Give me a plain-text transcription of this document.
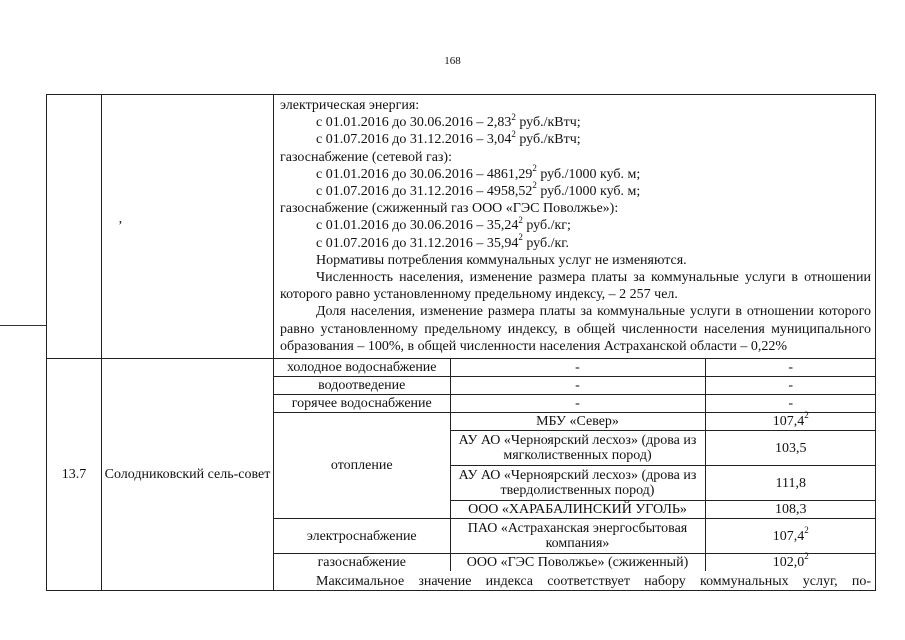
168

’

электрическая энергия:
с 01.01.2016 до 30.06.2016 – 2,83$^2$ руб./кВтч;
с 01.07.2016 до 31.12.2016 – 3,04$^2$ руб./кВтч;
газоснабжение (сетевой газ):
с 01.01.2016 до 30.06.2016 – 4861,29$^2$ руб./1000 куб. м;
с 01.07.2016 до 31.12.2016 – 4958,52$^2$ руб./1000 куб. м;
газоснабжение (сжиженный газ ООО «ГЭС Поволжье»):
с 01.01.2016 до 30.06.2016 – 35,24$^2$ руб./кг;
с 01.07.2016 до 31.12.2016 – 35,94$^2$ руб./кг.
Нормативы потребления коммунальных услуг не изменяются.
Численность населения, изменение размера платы за коммунальные услуги в отношении которого равно установленному предельному индексу, – 2 257 чел.
Доля населения, изменение размера платы за коммунальные услуги в отношении которого равно установленному предельному индексу, в общей численности населения муниципального образования – 100%, в общей численности населения Астраханской области – 0,22%

13.7	Солодниковский сель-совет	
холодное водоснабжение	-	-
водоотведение	-	-
горячее водоснабжение	-	-
отопление	МБУ «Север»	107,4$^2$
АУ АО «Черноярский лесхоз» (дрова из мягколиственных пород)	103,5
АУ АО «Черноярский лесхоз» (дрова из твердолиственных пород)	111,8
ООО «ХАРАБАЛИНСКИЙ УГОЛЬ»	108,3
электроснабжение	ПАО «Астраханская энергосбытовая компания»	107,4$^2$
газоснабжение	ООО «ГЭС Поволжье» (сжиженный)	102,0$^2$
Максимальное значение индекса соответствует набору коммунальных услуг, по-
